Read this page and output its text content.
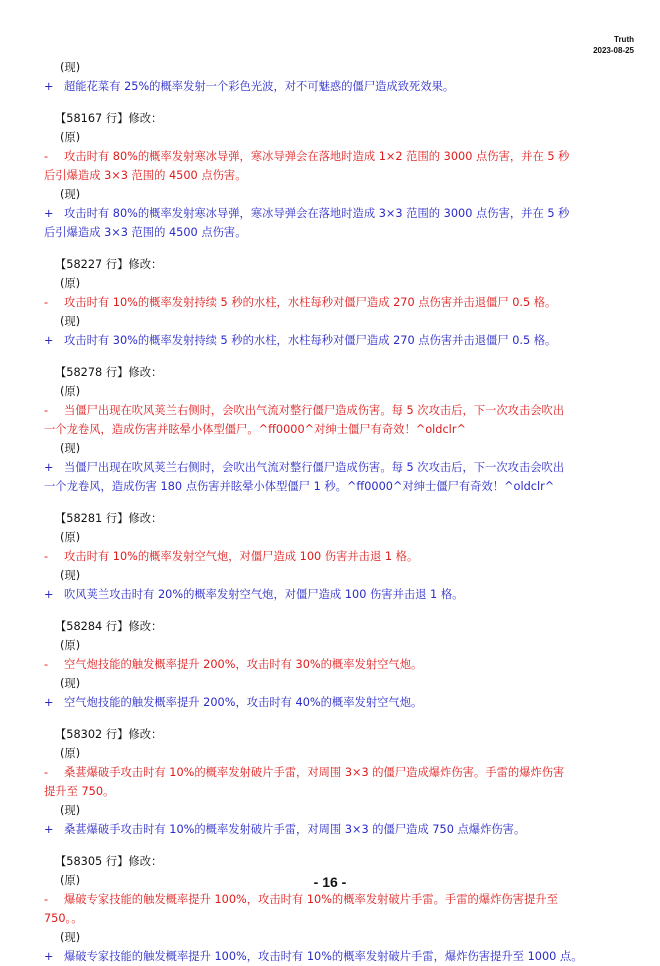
Truth
2023-08-25
(现)
+ 超能花菜有 25%的概率发射一个彩色光波，对不可魅惑的僵尸造成致死效果。
【58167 行】修改：
(原)
- 攻击时有 80%的概率发射寒冰导弹，寒冰导弹会在落地时造成 1×2 范围的 3000 点伤害，并在 5 秒
后引爆造成 3×3 范围的 4500 点伤害。
(现)
+ 攻击时有 80%的概率发射寒冰导弹，寒冰导弹会在落地时造成 3×3 范围的 3000 点伤害，并在 5 秒
后引爆造成 3×3 范围的 4500 点伤害。
【58227 行】修改：
(原)
- 攻击时有 10%的概率发射持续 5 秒的水柱，水柱每秒对僵尸造成 270 点伤害并击退僵尸 0.5 格。
(现)
+ 攻击时有 30%的概率发射持续 5 秒的水柱，水柱每秒对僵尸造成 270 点伤害并击退僵尸 0.5 格。
【58278 行】修改：
(原)
- 当僵尸出现在吹风荚兰右侧时，会吹出气流对整行僵尸造成伤害。每 5 次攻击后，下一次攻击会吹出
一个龙卷风，造成伤害并眩晕小体型僵尸。^ff0000^对绅士僵尸有奇效！^oldclr^
(现)
+ 当僵尸出现在吹风荚兰右侧时，会吹出气流对整行僵尸造成伤害。每 5 次攻击后，下一次攻击会吹出
一个龙卷风，造成伤害 180 点伤害并眩晕小体型僵尸 1 秒。^ff0000^对绅士僵尸有奇效！^oldclr^
【58281 行】修改：
(原)
- 攻击时有 10%的概率发射空气炮，对僵尸造成 100 伤害并击退 1 格。
(现)
+ 吹风荚兰攻击时有 20%的概率发射空气炮，对僵尸造成 100 伤害并击退 1 格。
【58284 行】修改：
(原)
- 空气炮技能的触发概率提升 200%，攻击时有 30%的概率发射空气炮。
(现)
+ 空气炮技能的触发概率提升 200%，攻击时有 40%的概率发射空气炮。
【58302 行】修改：
(原)
- 桑葚爆破手攻击时有 10%的概率发射破片手雷，对周围 3×3 的僵尸造成爆炸伤害。手雷的爆炸伤害
提升至 750。
(现)
+ 桑葚爆破手攻击时有 10%的概率发射破片手雷，对周围 3×3 的僵尸造成 750 点爆炸伤害。
【58305 行】修改：
(原)
- 爆破专家技能的触发概率提升 100%，攻击时有 10%的概率发射破片手雷。手雷的爆炸伤害提升至
750。。
(现)
+ 爆破专家技能的触发概率提升 100%，攻击时有 10%的概率发射破片手雷，爆炸伤害提升至 1000 点。
- 16 -
